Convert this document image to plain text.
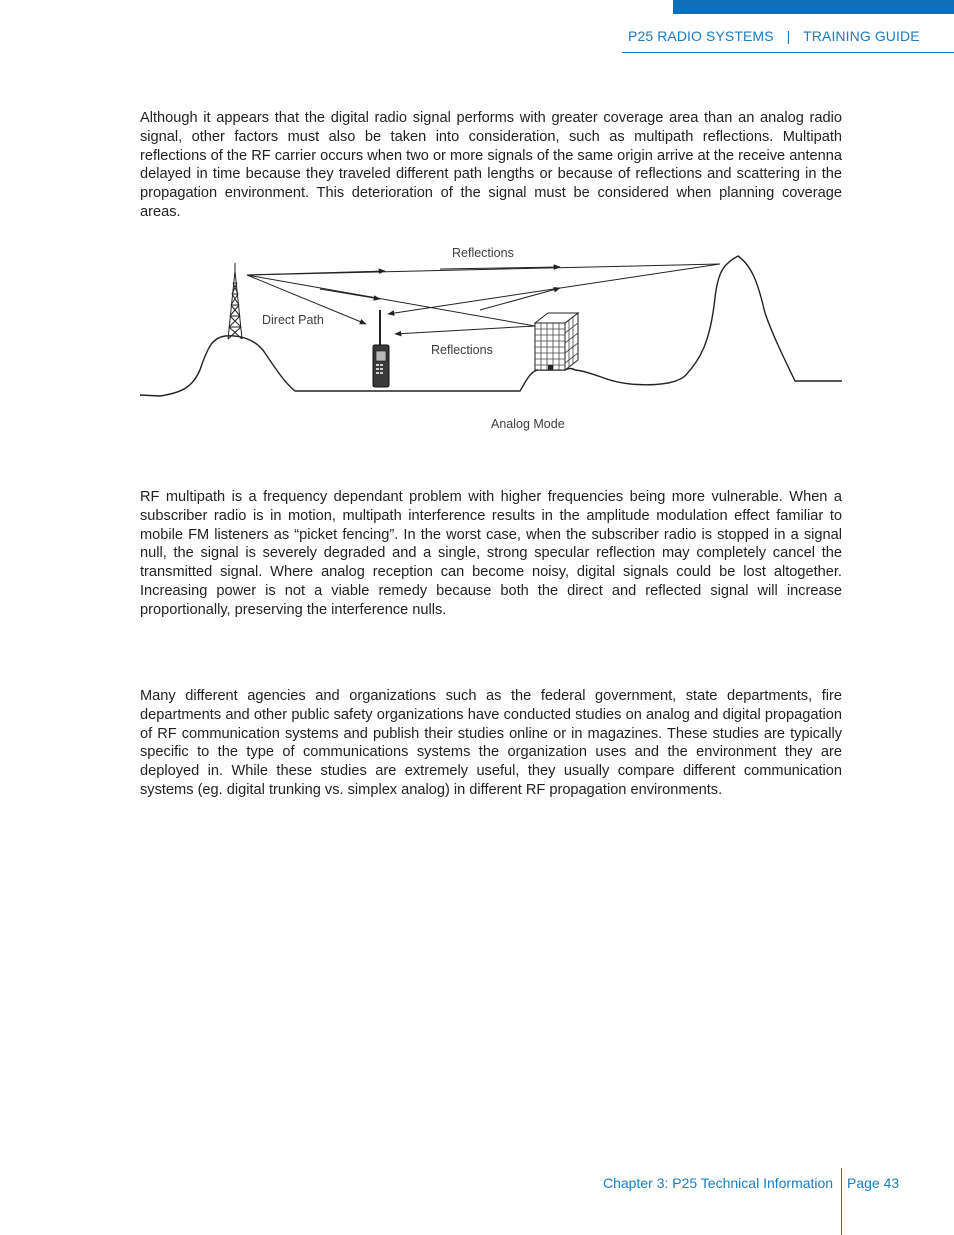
P25 RADIO SYSTEMS | TRAINING GUIDE

Although it appears that the digital radio signal performs with greater coverage area than an analog radio signal, other factors must also be taken into consideration, such as multipath reflections. Multipath reflections of the RF carrier occurs when two or more signals of the same origin arrive at the receive antenna delayed in time because they traveled different path lengths or because of reflections and scattering in the propagation environment. This deterioration of the signal must be considered when planning coverage areas.

Reflections
Direct Path
Reflections
Analog Mode

RF multipath is a frequency dependant problem with higher frequencies being more vulnerable. When a subscriber radio is in motion, multipath interference results in the amplitude modulation effect familiar to mobile FM listeners as “picket fencing”. In the worst case, when the subscriber radio is stopped in a signal null, the signal is severely degraded and a single, strong specular reflection may completely cancel the transmitted signal. Where analog reception can become noisy, digital signals could be lost altogether. Increasing power is not a viable remedy because both the direct and reflected signal will increase proportionally, preserving the interference nulls.

Many different agencies and organizations such as the federal government, state departments, fire departments and other public safety organizations have conducted studies on analog and digital propagation of RF communication systems and publish their studies online or in magazines. These studies are typically specific to the type of communications systems the organization uses and the environment they are deployed in. While these studies are extremely useful, they usually compare different communication systems (eg. digital trunking vs. simplex analog) in different RF propagation environments.

Chapter 3: P25 Technical Information Page 43
